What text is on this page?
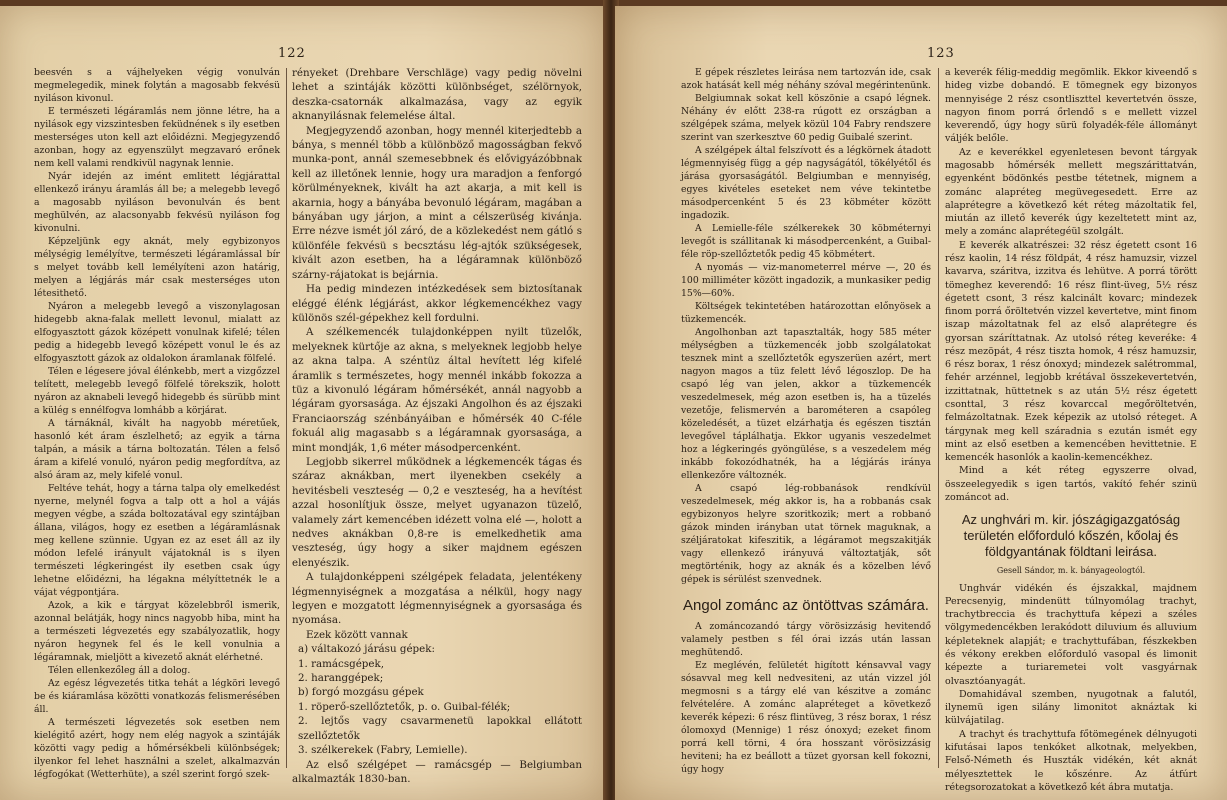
122

beesvén s a vájhelyeken végig vonulván megmelegedik, minek folytán a magosabb fekvésü nyiláson kivonul.

E természeti légáramlás nem jönne létre, ha a nyilások egy vizszintesben feküdnének s ily esetben mesterséges uton kell azt előidézni. Megjegyzendő azonban, hogy az egyenszülyt megzavaró erőnek nem kell valami rendkivül nagynak lennie.

Nyár idején az imént emlitett légjárattal ellenkező irányu áramlás áll be; a melegebb levegő a magosabb nyiláson bevonulván és bent meghülvén, az alacsonyabb fekvésü nyiláson fog kivonulni.

Képzeljünk egy aknát, mely egybizonyos mélységig lemélyítve, természeti légáramlással bír s melyet tovább kell lemélyíteni azon határig, melyen a légjárás már csak mesterséges uton létesithető.

Nyáron a melegebb levegő a viszonylagosan hidegebb akna-falak mellett levonul, mialatt az elfogyasztott gázok középett vonulnak kifelé; télen pedig a hidegebb levegő középett vonul le és az elfogyasztott gázok az oldalokon áramlanak fölfelé.

Télen e légesere jóval élénkebb, mert a vizgőzzel telített, melegebb levegő fölfelé törekszik, holott nyáron az aknabeli levegő hidegebb és sürübb mint a külég s ennélfogva lomhább a körjárat.

A tárnáknál, kivált ha nagyobb méretűek, hasonló két áram észlelhető; az egyik a tárna talpán, a másik a tárna boltozatán. Télen a felső áram a kifelé vonuló, nyáron pedig megfordítva, az alsó áram az, mely kifelé vonul.

Feltéve tehát, hogy a tárna talpa oly emelkedést nyerne, melynél fogva a talp ott a hol a vájás megyen végbe, a száda boltozatával egy szintájban állana, világos, hogy ez esetben a légáramlásnak meg kellene szünnie. Ugyan ez az eset áll az ily módon lefelé irányult vájatoknál is s ilyen természeti légkeringést ily esetben csak úgy lehetne előidézni, ha légakna mélyíttetnék le a vájat végpontjára.

Azok, a kik e tárgyat közelebbről ismerik, azonnal belátják, hogy nincs nagyobb hiba, mint ha a természeti légvezetés egy szabályozatlik, hogy nyáron hegynek fel és le kell vonulnia a légáramnak, mieljött a kivezető aknát elérhetné.

Télen ellenkezőleg áll a dolog.

Az egész légvezetés titka tehát a légköri levegő be és kiáramlása közötti vonatkozás felismerésében áll.

A természeti légvezetés sok esetben nem kielégitő azért, hogy nem elég nagyok a szintáják közötti vagy pedig a hőmérsékbeli különbségek; ilyenkor fel lehet használni a szelet, alkalmazván légfogókat (Wetterhüte), a szél szerint forgó szek-

rényeket (Drehbare Verschläge) vagy pedig növelni lehet a szintáják közötti különbséget, szélörnyok, deszka-csatornák alkalmazása, vagy az egyik aknanyilásnak felemelése által.

Megjegyzendő azonban, hogy mennél kiterjedtebb a bánya, s mennél több a különböző magosságban fekvő munka-pont, annál szemesebbnek és elővigyázóbbnak kell az illetőnek lennie, hogy ura maradjon a fenforgó körülményeknek, kivált ha azt akarja, a mit kell is akarnia, hogy a bányába bevonuló légáram, magában a bányában ugy járjon, a mint a célszerüség kivánja. Erre nézve ismét jól záró, de a közlekedést nem gátló s különféle fekvésü s becsztásu lég-ajtók szükségesek, kivált azon esetben, ha a légáramnak különböző szárny-rájatokat is bejárnia.

Ha pedig mindezen intézkedések sem biztosítanak eléggé élénk légjárást, akkor légkemencékhez vagy különös szél-gépekhez kell fordulni.

A szélkemencék tulajdonképpen nyilt tüzelők, melyeknek kürtője az akna, s melyeknek legjobb helye az akna talpa. A széntüz által hevített lég kifelé áramlik s természetes, hogy mennél inkább fokozza a tüz a kivonuló légáram hőmérsékét, annál nagyobb a légáram gyorsasága. Az éjszaki Angolhon és az éjszaki Franciaország szénbányáiban e hőmérsék 40 C-féle fokuál alig magasabb s a légáramnak gyorsasága, a mint mondják, 1,6 méter másodpercenként.

Legjobb sikerrel működnek a légkemencék tágas és száraz aknákban, mert ilyenekben csekély a hevitésbeli veszteség — 0,2 e veszteség, ha a hevítést azzal hosonlítjuk össze, melyet ugyanazon tüzelő, valamely zárt kemencében idézett volna elé —, holott a nedves aknákban 0,8-re is emelkedhetik ama veszteség, úgy hogy a siker majdnem egészen elenyészik.

A tulajdonképpeni szélgépek feladata, jelentékeny légmennyiségnek a mozgatása a nélkül, hogy nagy legyen e mozgatott légmennyiségnek a gyorsasága és nyomása.

Ezek között vannak

a) váltakozó járásu gépek:

1. ramácsgépek,

2. haranggépek;

b) forgó mozgásu gépek

1. röperő-szellőztetők, p. o. Guibal-félék;

2. lejtős vagy csavarmenetü lapokkal ellátott szellőztetők

3. szélkerekek (Fabry, Lemielle).

Az első szélgépet — ramácsgép — Belgiumban alkalmazták 1830-ban.

123

E gépek részletes leirása nem tartozván ide, csak azok hatását kell még néhány szóval megérintenünk.

Belgiumnak sokat kell köszönie a csapó légnek. Néhány év előtt 238-ra rúgott ez országban a szélgépek száma, melyek közül 104 Fabry rendszere szerint van szerkesztve 60 pedig Guibalé szerint.

A szélgépek által felszívott és a légkörnek átadott légmennyiség függ a gép nagyságától, tökélyétől és járása gyorsaságától. Belgiumban e mennyiség, egyes kivételes eseteket nem véve tekintetbe másodpercenként 5 és 23 köbméter között ingadozik.

A Lemielle-féle szélkerekek 30 köbméternyi levegőt is szállitanak ki másodpercenként, a Guibal-féle röp-szellőztetők pedig 45 köbmétert.

A nyomás — viz-manometerrel mérve —, 20 és 100 milliméter között ingadozik, a munkasiker pedig 15%—60%.

Költségek tekintetében határozottan előnyösek a tüzkemencék.

Angolhonban azt tapasztalták, hogy 585 méter mélységben a tüzkemencék jobb szolgálatokat tesznek mint a szellőztetők egyszerüen azért, mert nagyon magos a tüz felett lévő légoszlop. De ha csapó lég van jelen, akkor a tüzkemencék veszedelmesek, még azon esetben is, ha a tüzelés vezetője, felismervén a barométeren a csapóleg közeledését, a tüzet elzárhatja és egészen tisztán levegővel táplálhatja. Ekkor ugyanis veszedelmet hoz a légkeringés gyöngülése, s a veszedelem még inkább fokozódhatnék, ha a légjárás iránya ellenkezőre változnék.

A csapó lég-robbanások rendkívül veszedelmesek, még akkor is, ha a robbanás csak egybizonyos helyre szoritkozik; mert a robbanó gázok minden irányban utat törnek maguknak, a széljáratokat kifeszitik, a légáramot megszakitják vagy ellenkező irányuvá változtatják, sőt megtörténik, hogy az aknák és a közelben lévő gépek is sérülést szenvednek.

Angol zománc az öntöttvas számára.

A zománcozandó tárgy vörösizzásig hevitendő valamely pestben s fél órai izzás után lassan meghütendő.

Ez meglévén, felületét higított kénsavval vagy sósavval meg kell nedvesiteni, az után vizzel jól megmosni s a tárgy elé van készitve a zománc felvételére. A zománc alapréteget a következő keverék képezi: 6 rész flintüveg, 3 rész borax, 1 rész ólomoxyd (Mennige) 1 rész ónoxyd; ezeket finom porrá kell törni, 4 óra hosszant vörösizzásig heviteni; ha ez beállott a tüzet gyorsan kell fokozni, úgy hogy

a keverék félig-meddig megömlik. Ekkor kiveendő s hideg vizbe dobandó. E tömegnek egy bizonyos mennyisége 2 rész csontliszttel kevertetvén össze, nagyon finom porrá őrlendő s e mellett vizzel keverendő, úgy hogy sürü folyadék-féle állományt váljék belőle.

Az e keverékkel egyenletesen bevont tárgyak magosabb hőmérsék mellett megszárittatván, egyenként bödönkés pestbe tétetnek, mignem a zománc alapréteg megüvegesedett. Erre az alaprétegre a következő két réteg mázoltatik fel, miután az illető keverék úgy kezeltetett mint az, mely a zománc alaprétegéül szolgált.

E keverék alkatrészei: 32 rész égetett csont 16 rész kaolin, 14 rész földpát, 4 rész hamuzsir, vizzel kavarva, száritva, izzitva és lehütve. A porrá törött tömeghez keverendő: 16 rész flint-üveg, 5½ rész égetett csont, 3 rész kalcinált kovarc; mindezek finom porrá őröltetvén vizzel kevertetve, mint finom iszap mázoltatnak fel az első alaprétegre és gyorsan száríttatnak. Az utolsó réteg keveréke: 4 rész mezöpát, 4 rész tiszta homok, 4 rész hamuzsir, 6 rész borax, 1 rész ónoxyd; mindezek salétrommal, fehér arzénnel, legjobb krétával összekevertetvén, izzittatnak, hüttetnek s az után 5½ rész égetett csonttal, 3 rész kovarccal megőröltetvén, felmázoltatnak. Ezek képezik az utolsó réteget. A tárgynak meg kell száradnia s ezután ismét egy mint az első esetben a kemencében hevittetnie. E kemencék hasonlók a kaolin-kemencékhez.

Mind a két réteg egyszerre olvad, összeelegyedik s igen tartós, vakító fehér szinü zománcot ad.

Az unghvári m. kir. jószágigazgatóság területén előforduló kőszén, kőolaj és földgyantának földtani leirása.
Gesell Sándor, m. k. bányageologtól.

Unghvár vidékén és éjszakkal, majdnem Perecsenyig, mindenütt túlnyomólag trachyt, trachytbreccia és trachyttufa képezi a széles völgymedencékben lerakódott diluvium és alluvium képleteknek alapját; e trachyttufában, fészkekben és vékony erekben előforduló vasopal és limonit képezte a turiaremetei volt vasgyárnak olvasztóanyagát.

Domahidával szemben, nyugotnak a falutól, ilynemü igen silány limonitot aknáztak ki külvájatilag.

A trachyt és trachyttufa főtömegének délnyugoti kifutásai lapos tenkóket alkotnak, melyekben, Felső-Németh és Huszták vidékén, két aknát mélyesztettek le kőszénre. Az átfúrt rétegsorozatokat a következő két ábra mutatja.
